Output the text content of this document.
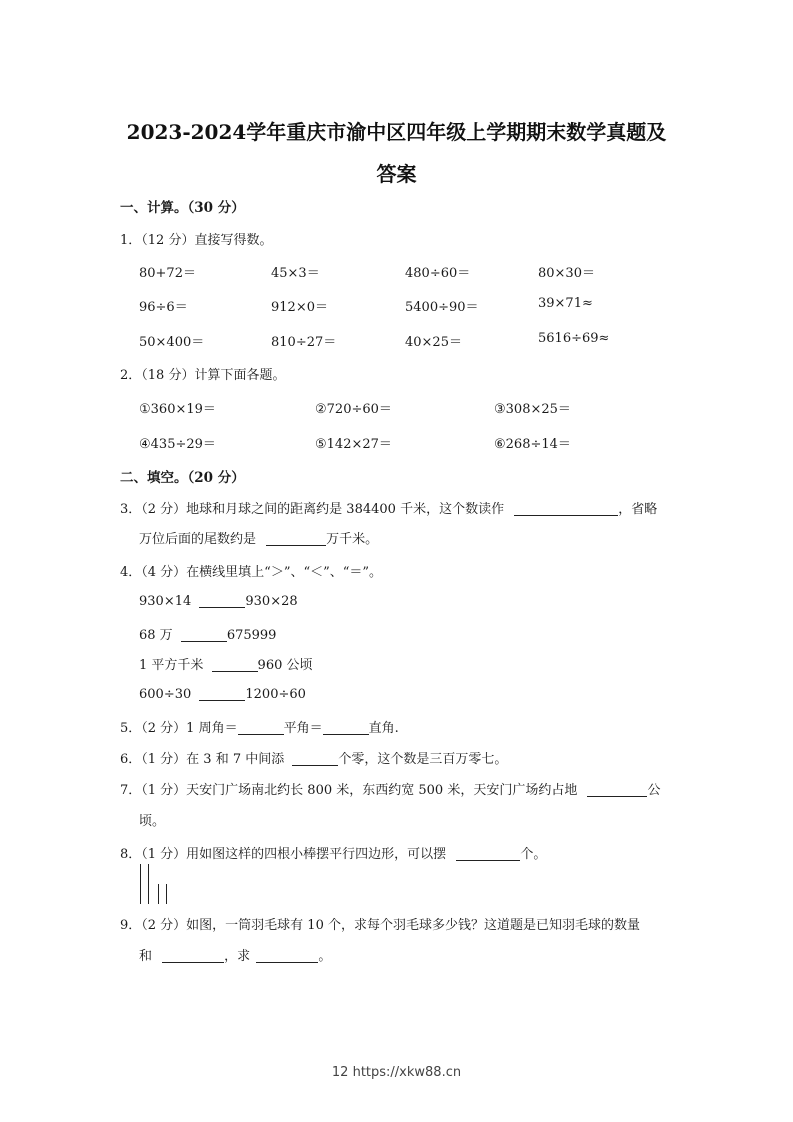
2023-2024学年重庆市渝中区四年级上学期期末数学真题及
答案
一、计算。（30 分）
1．（12 分）直接写得数。
80+72＝	45×3＝	480÷60＝	80×30＝
96÷6＝	912×0＝	5400÷90＝	39×71≈
50×400＝	810÷27＝	40×25＝	5616÷69≈
2．（18 分）计算下面各题。
①360×19＝	②720÷60＝	③308×25＝
④435÷29＝	⑤142×27＝	⑥268÷14＝
二、填空。（20 分）
3．（2 分）地球和月球之间的距离约是 384400 千米，这个数读作	，省略
万位后面的尾数约是	万千米。
4．（4 分）在横线里填上“＞”、“＜”、“＝”。
930×14	930×28
68 万	675999
1 平方千米	960 公顷
600÷30	1200÷60
5．（2 分）1 周角＝	平角＝	直角.
6．（1 分）在 3 和 7 中间添	个零，这个数是三百万零七。
7．（1 分）天安门广场南北约长 800 米，东西约宽 500 米，天安门广场约占地	公
顷。
8．（1 分）用如图这样的四根小棒摆平行四边形，可以摆	个。
9．（2 分）如图，一筒羽毛球有 10 个，求每个羽毛球多少钱？这道题是已知羽毛球的数量
和	，求	。
12 https://xkw88.cn
